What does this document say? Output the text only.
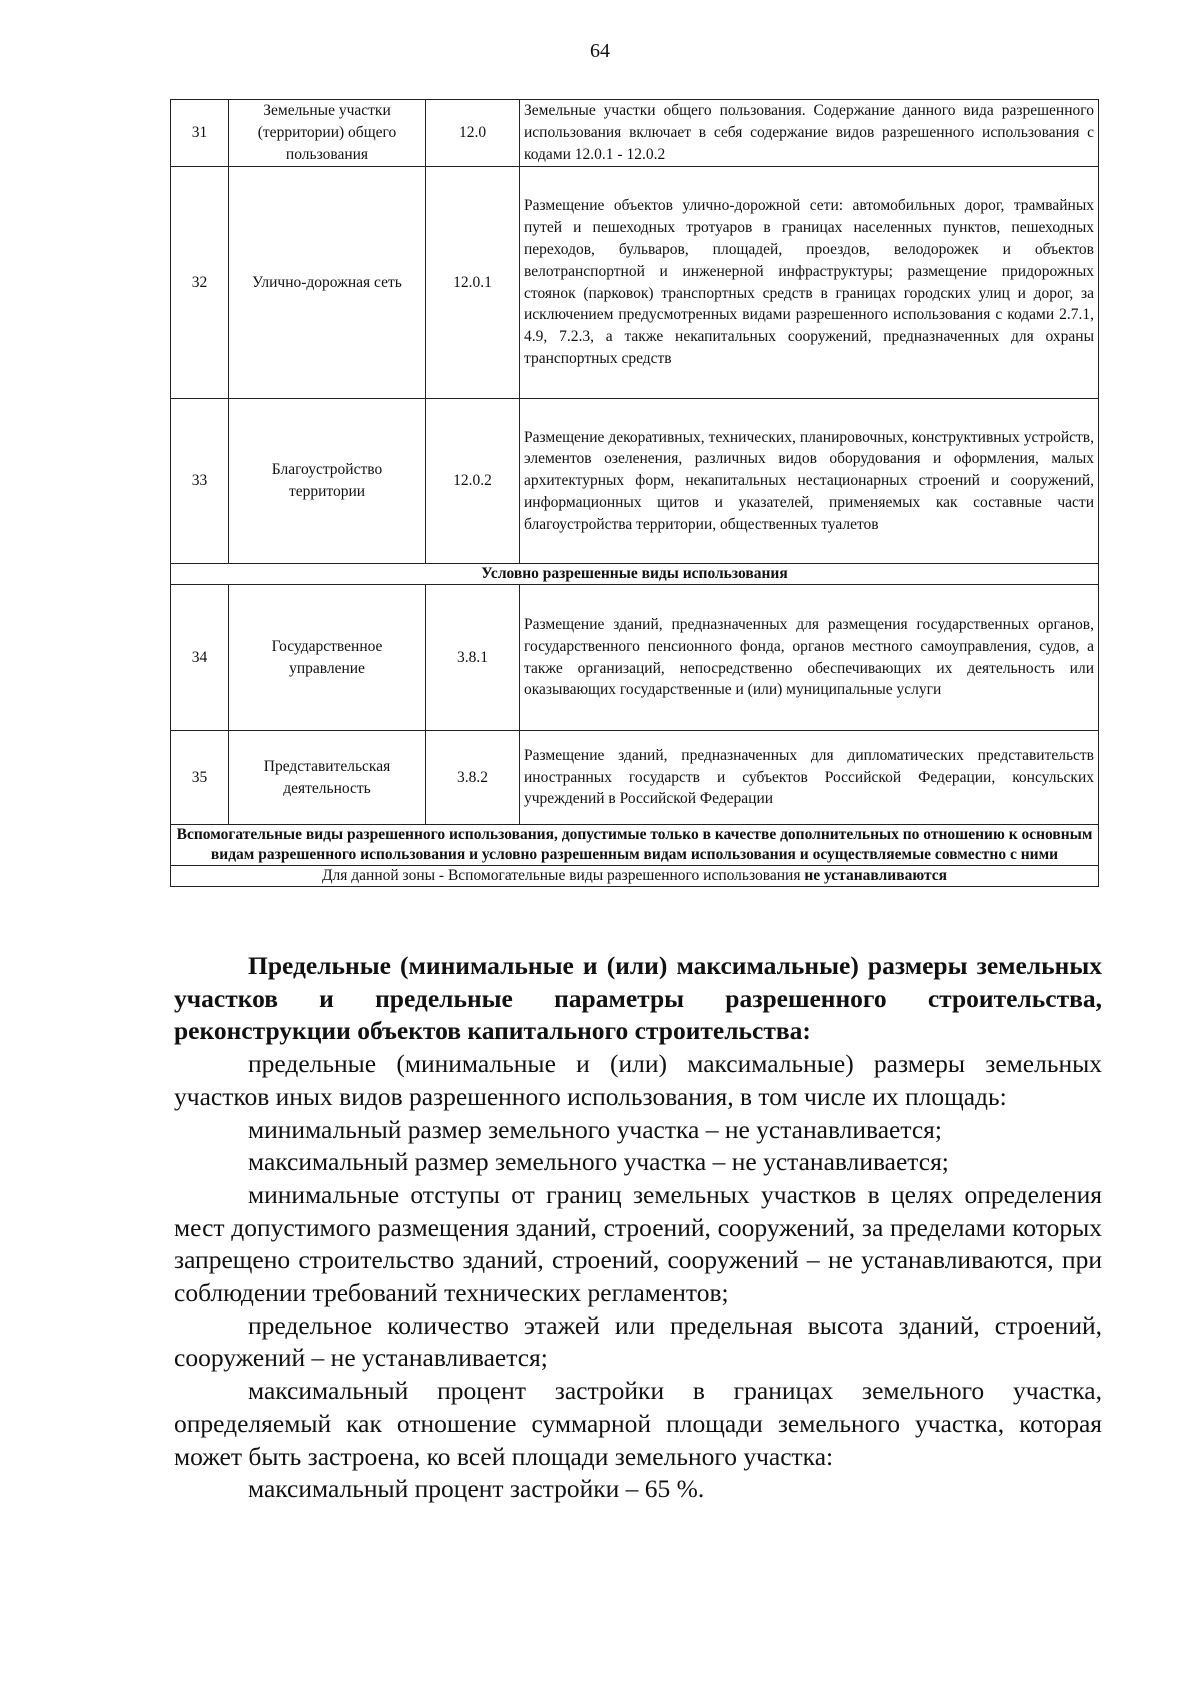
64
31	Земельные участки (территории) общего пользования	12.0	Земельные участки общего пользования. Содержание данного вида разрешенного использования включает в себя содержание видов разрешенного использования с кодами 12.0.1 - 12.0.2
32	Улично-дорожная сеть	12.0.1	Размещение объектов улично-дорожной сети: автомобильных дорог, трамвайных путей и пешеходных тротуаров в границах населенных пунктов, пешеходных переходов, бульваров, площадей, проездов, велодорожек и объектов велотранспортной и инженерной инфраструктуры; размещение придорожных стоянок (парковок) транспортных средств в границах городских улиц и дорог, за исключением предусмотренных видами разрешенного использования с кодами 2.7.1, 4.9, 7.2.3, а также некапитальных сооружений, предназначенных для охраны транспортных средств
33	Благоустройство территории	12.0.2	Размещение декоративных, технических, планировочных, конструктивных устройств, элементов озеленения, различных видов оборудования и оформления, малых архитектурных форм, некапитальных нестационарных строений и сооружений, информационных щитов и указателей, применяемых как составные части благоустройства территории, общественных туалетов
Условно разрешенные виды использования			
34	Государственное управление	3.8.1	Размещение зданий, предназначенных для размещения государственных органов, государственного пенсионного фонда, органов местного самоуправления, судов, а также организаций, непосредственно обеспечивающих их деятельность или оказывающих государственные и (или) муниципальные услуги
35	Представительская деятельность	3.8.2	Размещение зданий, предназначенных для дипломатических представительств иностранных государств и субъектов Российской Федерации, консульских учреждений в Российской Федерации
Вспомогательные виды разрешенного использования, допустимые только в качестве дополнительных по отношению к основным видам разрешенного использования и условно разрешенным видам использования и осуществляемые совместно с ними			
Для данной зоны - Вспомогательные виды разрешенного использования не устанавливаются			

Предельные (минимальные и (или) максимальные) размеры земельных участков и предельные параметры разрешенного строительства, реконструкции объектов капитального строительства:

предельные (минимальные и (или) максимальные) размеры земельных участков иных видов разрешенного использования, в том числе их площадь:

минимальный размер земельного участка – не устанавливается;

максимальный размер земельного участка – не устанавливается;

минимальные отступы от границ земельных участков в целях определения мест допустимого размещения зданий, строений, сооружений, за пределами которых запрещено строительство зданий, строений, сооружений – не устанавливаются, при соблюдении требований технических регламентов;

предельное количество этажей или предельная высота зданий, строений, сооружений – не устанавливается;

максимальный процент застройки в границах земельного участка, определяемый как отношение суммарной площади земельного участка, которая может быть застроена, ко всей площади земельного участка:

максимальный процент застройки – 65 %.
